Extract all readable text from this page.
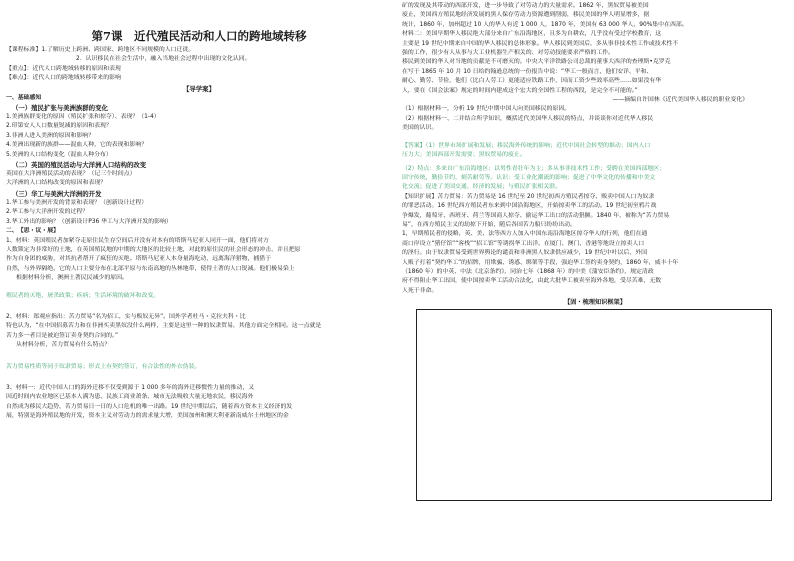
第7课　近代殖民活动和人口的跨地域转移

【课程标准】1.了解历史上跨洲、跨国家、跨地区不同规模的人口迁徙。

2．认识移民在社会生活中，融入当地社会过程中出现的文化认同。

【重点】：近代人口跨地域转移的原因和表现

【难点】：近代人口的跨地域转移带来的影响

【导学案】

一、基础感知

（一）殖民扩张与美洲族群的变化

1.美洲族群变化的原因（殖民扩张和掠夺）、表现？（1-4）

2.印第安人人口数量锐减的原因和表现？

3.非洲人进入美洲的原因和影响？

4.美洲出现新的族群——混血人种，它的表现和影响？

5.美洲的人口结构变化（混血人种分布）

（二）英国的殖民活动与大洋洲人口结构的改变

英国在大洋洲殖民活动的表现？（记三个时间点）

大洋洲的人口结构改变的原因和表现？

（三）华工与美洲大洋洲的开发

1.华工参与美洲开发的背景和表现？（创新设计过程）

2.华工参与大洋洲开发的过程？

3.华工外出的影响？（创新设计P36 华工与大洋洲开发的影响）

二、【思・议・展】

1、材料：英国殖民者加紧夺走原住民生存空间后开没有对本有的塔斯马尼亚人同开一面，他们将对方

人数锁定为非常好的土地，在英国殖民地的中期的大地区的比较土地，对此的原住民的社会形态的冲击，并且把原

作为自身团的威胁，对其抗者帮开了疯狂的灭绝。塔斯马尼亚人本身量海吃动，远离海洋猎物，捕猎于

自然，与外界隔绝。它的人口主要分布在北部平原与东南高地的丛林地带，使得土著的人口锐减。他们极易染上

根据材料分析，澳洲土著民民减少的原因。

殖民者的灭绝、屠杀政策；疾病；生活环境的破坏和改变。

2、材料：郑观应指出：苦力贸易“名为招工，实与贩奴无异”。国外学者杜马・克拉夫科・比

特也认为，“在中国招募苦力和在非洲买卖黑奴没什么两样，主要是这里一种的奴隶贸易，其他方面完全相同。这一点就是

苦力多一者目是被迫签订卖身契约合同的。”

从材料分析，苦力贸易有什么特点？

苦力贸易性质等同于奴隶贸易；形式上有契约签订，有合法性的外衣伪装。

3、材料一：近代中国人口的海外迁移不仅受到源于 1 000 多年的海外迁移惯性力量的推动，又

因近时间内农业地区已基本人满为患、民族工商业萧条、城市无法吸收大量无地农民，移民海外

自然成为移民大趋势，苦力贸易日一日的人口危机的唯一出路。19 世纪中期以后，随着西方资本主义经济的发

展，特别是海外殖民地的开发，资本主义对劳动力的需求量大增，美国加州和澳大利亚新南威尔士州地区的金

矿的发现及其带动的西部开发，进一步导致了对劳动力的大量需求。1862 年，黑奴贸易被美国

废止，美国西方殖民地经济发展的黑人保存劳动力资源遭到削弱，移民美国的华人明显增多，据

统计，1860 年，加州超过 10 人的华人有近 1 000 人，1870 年，美国有 63 000 华人，90%集中在西部。

材料二：美国早期华人移民绝大部分来自广东沿海地区，且多为自耕农，几乎没有受过学校教育，这

主要是 19 世纪中期来自中国的华人移民的总体形象。华人移民到美国后，多从事非技术性工作或技术性不

强的工作，很少有人从事与大工业机器生产相关的、对劳动技能要求严格的工作。

移民到美国的华人对当地的贡献是不可磨灭的。中央大平洋铁路公司总裁的董事大西洋的查理斯•克罗克

在写于 1865 年 10 月 10 日给约翰逊总统的一份报告中说：“华工一般而言，他们安详、平和、

耐心、勤劳、节俭，他们（比白人劳工）更能适应铁路工作，因而工资少些效率高些……如果没有华

人，要在《国会法案》规定的时间内建成这个宏大的全国性工程的西段，是完全不可能的。”

——摘编自许国林《近代美国华人移民的职业变化》

（1）根据材料一，分析 19 世纪中期中国人向美国移民的原因。

（2）根据材料一、二并结合所学知识，概括近代美国华人移民的特点，并谈谈你对近代华人移民

美国的认识。

【答案】（1）世界市场扩展和发展；移民海外传统的影响；近代中国社会转型的推动；国内人口

压力大；美国西部开发需要；黑奴贸易的废止。

（2）特点：多来自广东沿海地区；以男性青壮年为主；多从事非技术性工作；受聘在美国西部地区；

固守传统，勤俭节约，刻苦耐劳等。认识：受工业化潮流的影响；促进了中华文化的传播和中美文

化交流；促进了美国交通、经济的发展；与殖民扩张相关联。

【知识扩展】苦力贸易：苦力贸易是 16 世纪至 20 世纪初西方殖民者掠夺、贩卖中国人口为奴隶

的罪恶活动。16 世纪西方殖民者东来到中国沿海地区，开始掠卖华工的活动。19 世纪初至鸦片战

争爆发，葡萄牙、西班牙、荷兰等国商人掠夺、偷运华工出口的活动猖獗。1840 年，被称为“苦力贸易

易”，在西方殖民主义的劫掠下开始，随后各国苦力船只纷纷出动。

1，早期殖民者的侵略，英、美、法等西方人加入中国东南沿海地区掠夺华人的行列，他们在通

商口岸设立“猪仔馆”“客栈”“招工馆”等诱拐华工出洋。在厦门、澳门、香港等地设立掠卖人口

的淫行。由于奴隶贸易受到世界舆论的谴责和非洲黑人奴隶供应减少，19 世纪中叶以后，外国

人贩子打着“契约华工”的招牌，用欺骗、诱惑、绑架等手段，强迫华工签约卖身契约，1860 年，威丰十年

（1860 年）的中英、中法《北京条约》，同治七年（1868 年）的中美《蒲安臣条约》，规定清政

府不得阻止华工出国，使中国掠卖华工活动合法化，由此大批华工被卖至海外各地，受尽苦难，无数

人死于非命。

【固・梳理知识框架】
